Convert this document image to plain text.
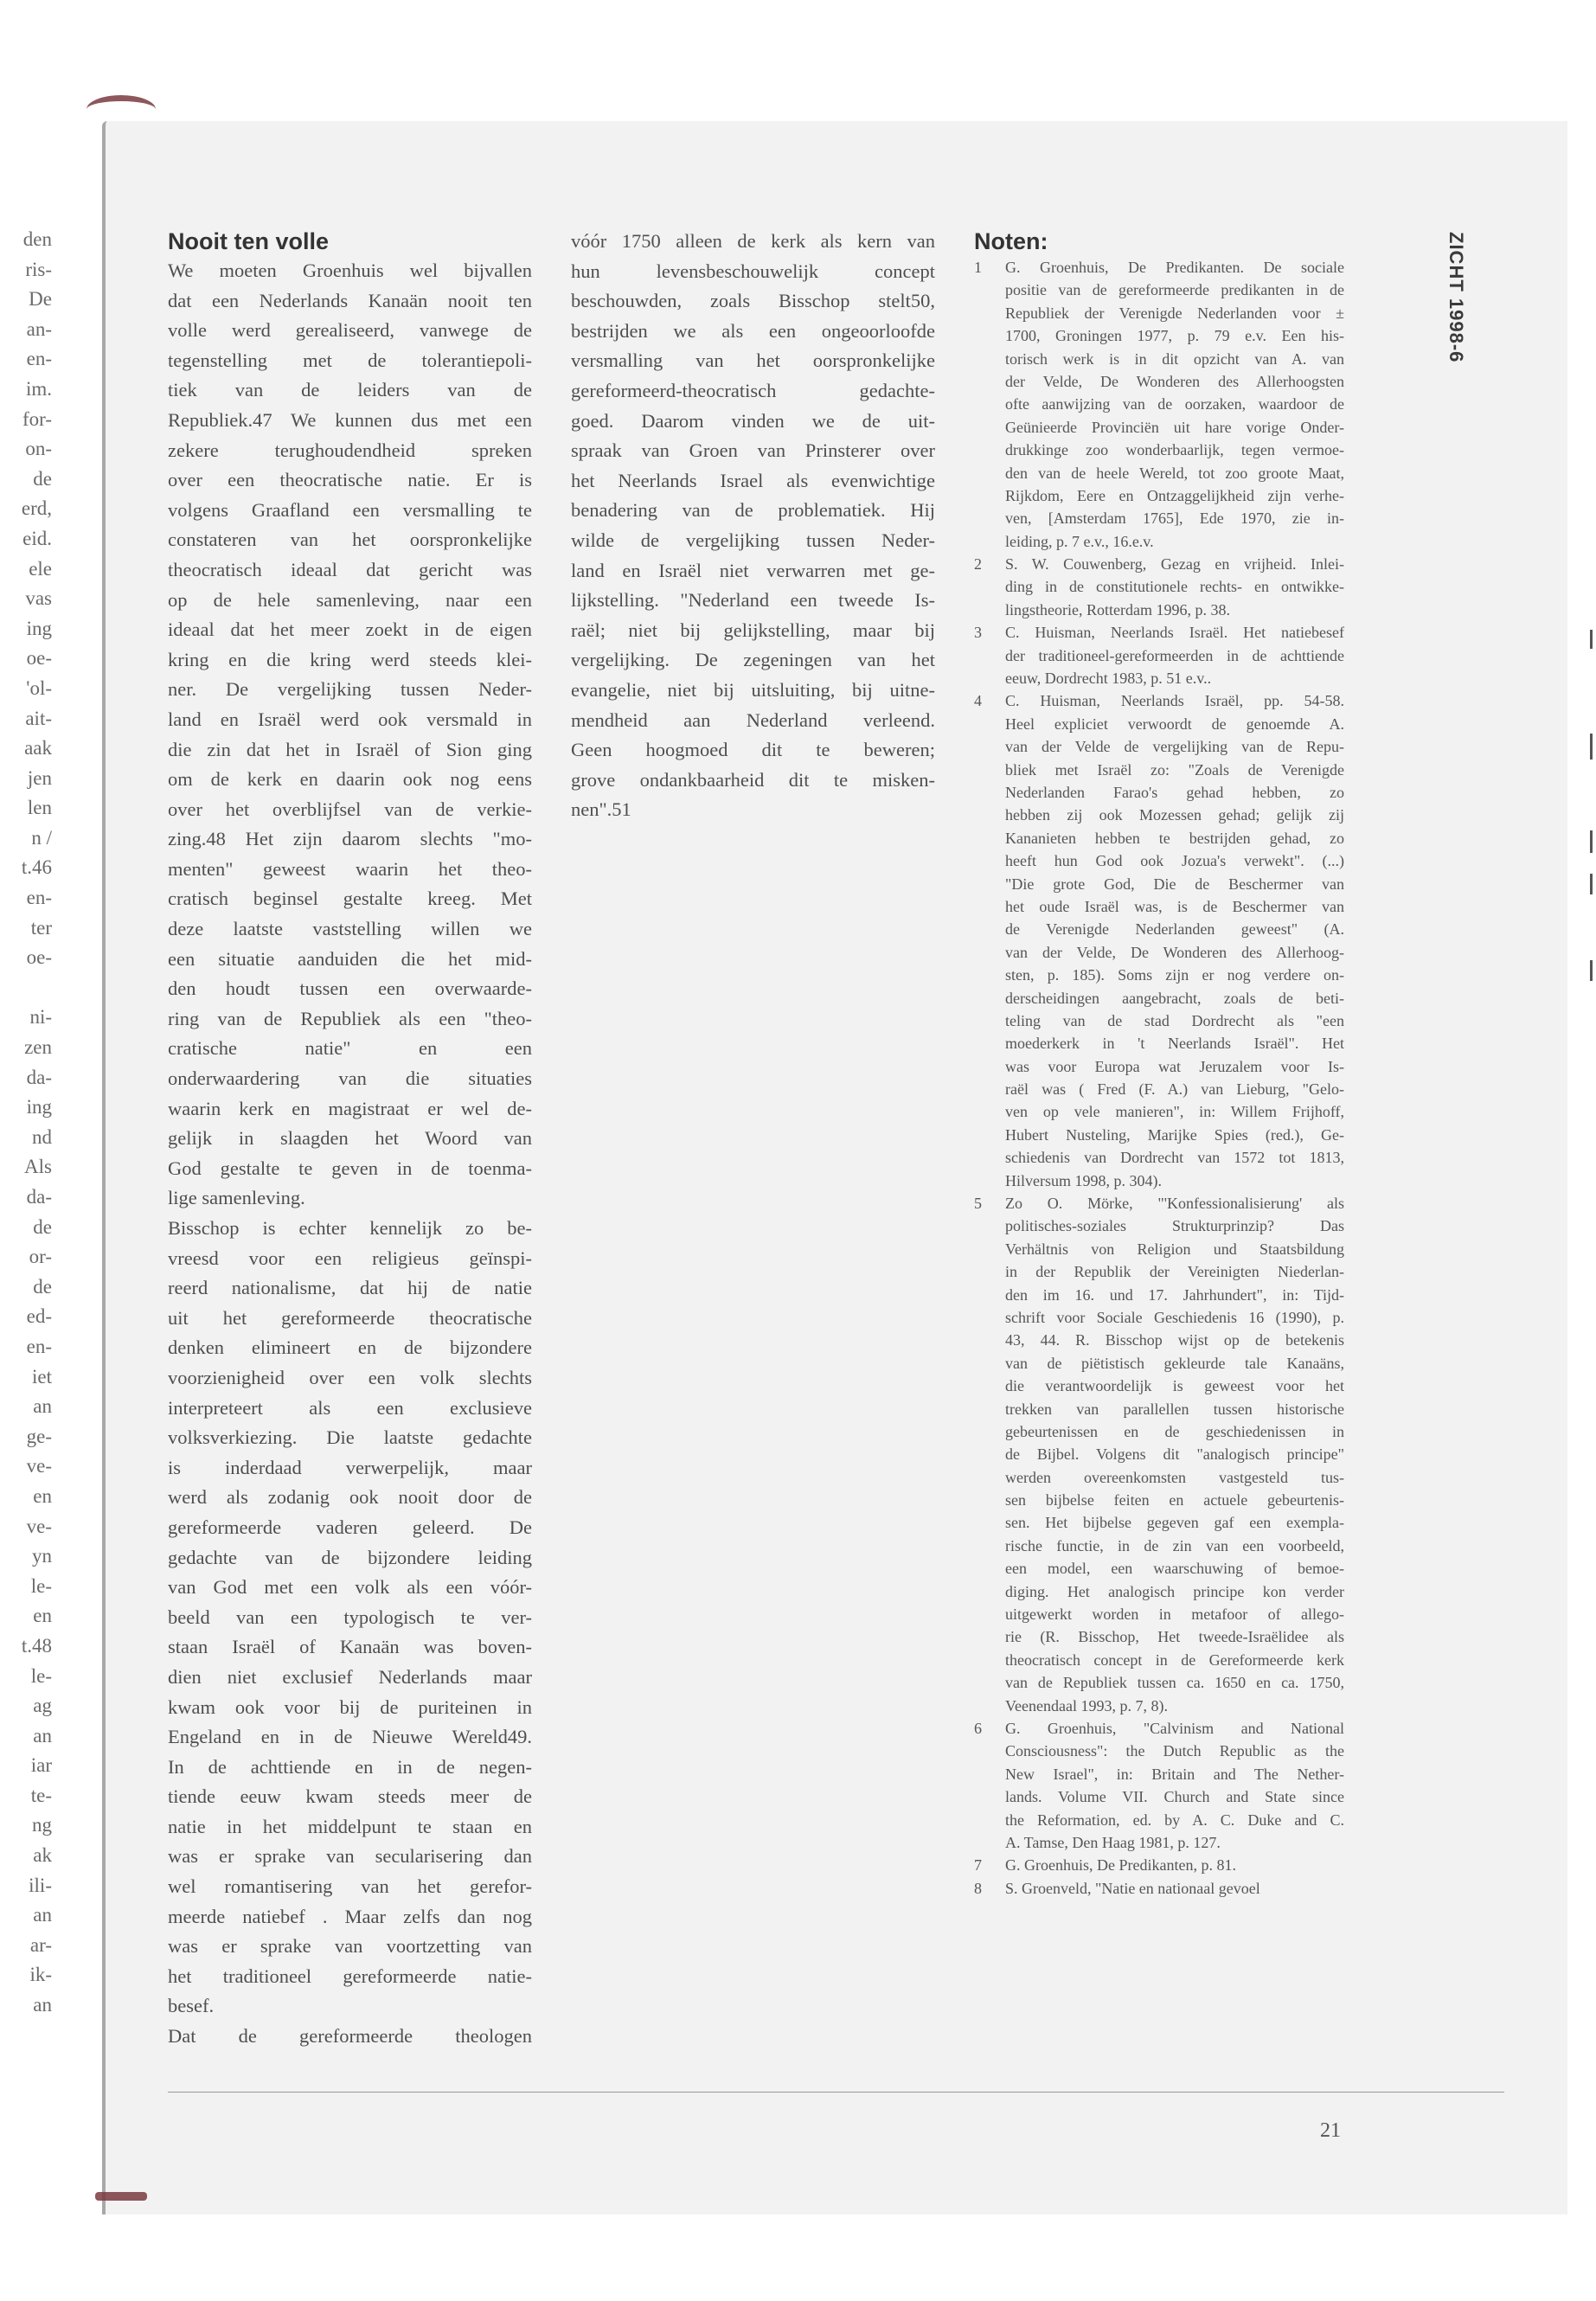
den
ris-
De
an-
en-
im.
for-
on-
de
erd,
eid.
ele
vas
ing
oe-
'ol-
ait-
aak
jen
len
n /
t.46
en-
ter
oe-
ni-
zen
da-
ing
nd
Als
da-
de
or-
de
ed-
en-
iet
an
ge-
ve-
en
ve-
yn
le-
en
t.48
le-
ag
an
iar
te-
ng
ak
ili-
an
ar-
ik-
an
ZICHT 1998-6
Nooit ten volle
We moeten Groenhuis wel bijvallen
dat een Nederlands Kanaän nooit ten
volle werd gerealiseerd, vanwege de
tegenstelling met de tolerantiepoli-
tiek van de leiders van de
Republiek.47 We kunnen dus met een
zekere terughoudendheid spreken
over een theocratische natie. Er is
volgens Graafland een versmalling te
constateren van het oorspronkelijke
theocratisch ideaal dat gericht was
op de hele samenleving, naar een
ideaal dat het meer zoekt in de eigen
kring en die kring werd steeds klei-
ner. De vergelijking tussen Neder-
land en Israël werd ook versmald in
die zin dat het in Israël of Sion ging
om de kerk en daarin ook nog eens
over het overblijfsel van de verkie-
zing.48 Het zijn daarom slechts "mo-
menten" geweest waarin het theo-
cratisch beginsel gestalte kreeg. Met
deze laatste vaststelling willen we
een situatie aanduiden die het mid-
den houdt tussen een overwaarde-
ring van de Republiek als een "theo-
cratische natie" en een
onderwaardering van die situaties
waarin kerk en magistraat er wel de-
gelijk in slaagden het Woord van
God gestalte te geven in de toenma-
lige samenleving.
Bisschop is echter kennelijk zo be-
vreesd voor een religieus geïnspi-
reerd nationalisme, dat hij de natie
uit het gereformeerde theocratische
denken elimineert en de bijzondere
voorzienigheid over een volk slechts
interpreteert als een exclusieve
volksverkiezing. Die laatste gedachte
is inderdaad verwerpelijk, maar
werd als zodanig ook nooit door de
gereformeerde vaderen geleerd. De
gedachte van de bijzondere leiding
van God met een volk als een vóór-
beeld van een typologisch te ver-
staan Israël of Kanaän was boven-
dien niet exclusief Nederlands maar
kwam ook voor bij de puriteinen in
Engeland en in de Nieuwe Wereld49.
In de achttiende en in de negen-
tiende eeuw kwam steeds meer de
natie in het middelpunt te staan en
was er sprake van secularisering dan
wel romantisering van het gerefor-
meerde natiebef . Maar zelfs dan nog
was er sprake van voortzetting van
het traditioneel gereformeerde natie-
besef.
Dat de gereformeerde theologen
vóór 1750 alleen de kerk als kern van
hun levensbeschouwelijk concept
beschouwden, zoals Bisschop stelt50,
bestrijden we als een ongeoorloofde
versmalling van het oorspronkelijke
gereformeerd-theocratisch gedachte-
goed. Daarom vinden we de uit-
spraak van Groen van Prinsterer over
het Neerlands Israel als evenwichtige
benadering van de problematiek. Hij
wilde de vergelijking tussen Neder-
land en Israël niet verwarren met ge-
lijkstelling. "Nederland een tweede Is-
raël; niet bij gelijkstelling, maar bij
vergelijking. De zegeningen van het
evangelie, niet bij uitsluiting, bij uitne-
mendheid aan Nederland verleend.
Geen hoogmoed dit te beweren;
grove ondankbaarheid dit te misken-
nen".51
Noten:
1	G. Groenhuis, De Predikanten. De sociale
positie van de gereformeerde predikanten in de
Republiek der Verenigde Nederlanden voor ±
1700, Groningen 1977, p. 79 e.v. Een his-
torisch werk is in dit opzicht van A. van
der Velde, De Wonderen des Allerhoogsten
ofte aanwijzing van de oorzaken, waardoor de
Geünieerde Provinciën uit hare vorige Onder-
drukkinge zoo wonderbaarlijk, tegen vermoe-
den van de heele Wereld, tot zoo groote Maat,
Rijkdom, Eere en Ontzaggelijkheid zijn verhe-
ven, [Amsterdam 1765], Ede 1970, zie in-
leiding, p. 7 e.v., 16.e.v.
2	S. W. Couwenberg, Gezag en vrijheid. Inlei-
ding in de constitutionele rechts- en ontwikke-
lingstheorie, Rotterdam 1996, p. 38.
3	C. Huisman, Neerlands Israël. Het natiebesef
der traditioneel-gereformeerden in de achttiende
eeuw, Dordrecht 1983, p. 51 e.v..
4	C. Huisman, Neerlands Israël, pp. 54-58.
Heel expliciet verwoordt de genoemde A.
van der Velde de vergelijking van de Repu-
bliek met Israël zo: "Zoals de Verenigde
Nederlanden Farao's gehad hebben, zo
hebben zij ook Mozessen gehad; gelijk zij
Kananieten hebben te bestrijden gehad, zo
heeft hun God ook Jozua's verwekt". (...)
"Die grote God, Die de Beschermer van
het oude Israël was, is de Beschermer van
de Verenigde Nederlanden geweest" (A.
van der Velde, De Wonderen des Allerhoog-
sten, p. 185). Soms zijn er nog verdere on-
derscheidingen aangebracht, zoals de beti-
teling van de stad Dordrecht als "een
moederkerk in 't Neerlands Israël". Het
was voor Europa wat Jeruzalem voor Is-
raël was ( Fred (F. A.) van Lieburg, "Gelo-
ven op vele manieren", in: Willem Frijhoff,
Hubert Nusteling, Marijke Spies (red.), Ge-
schiedenis van Dordrecht van 1572 tot 1813,
Hilversum 1998, p. 304).
5	Zo O. Mörke, "'Konfessionalisierung' als
politisches-soziales Strukturprinzip? Das
Verhältnis von Religion und Staatsbildung
in der Republik der Vereinigten Niederlan-
den im 16. und 17. Jahrhundert", in: Tijd-
schrift voor Sociale Geschiedenis 16 (1990), p.
43, 44. R. Bisschop wijst op de betekenis
van de piëtistisch gekleurde tale Kanaäns,
die verantwoordelijk is geweest voor het
trekken van parallellen tussen historische
gebeurtenissen en de geschiedenissen in
de Bijbel. Volgens dit "analogisch principe"
werden overeenkomsten vastgesteld tus-
sen bijbelse feiten en actuele gebeurtenis-
sen. Het bijbelse gegeven gaf een exempla-
rische functie, in de zin van een voorbeeld,
een model, een waarschuwing of bemoe-
diging. Het analogisch principe kon verder
uitgewerkt worden in metafoor of allego-
rie (R. Bisschop, Het tweede-Israëlidee als
theocratisch concept in de Gereformeerde kerk
van de Republiek tussen ca. 1650 en ca. 1750,
Veenendaal 1993, p. 7, 8).
6	G. Groenhuis, "Calvinism and National
Consciousness": the Dutch Republic as the
New Israel", in: Britain and The Nether-
lands. Volume VII. Church and State since
the Reformation, ed. by A. C. Duke and C.
A. Tamse, Den Haag 1981, p. 127.
7	G. Groenhuis, De Predikanten, p. 81.
8	S. Groenveld, "Natie en nationaal gevoel
21
